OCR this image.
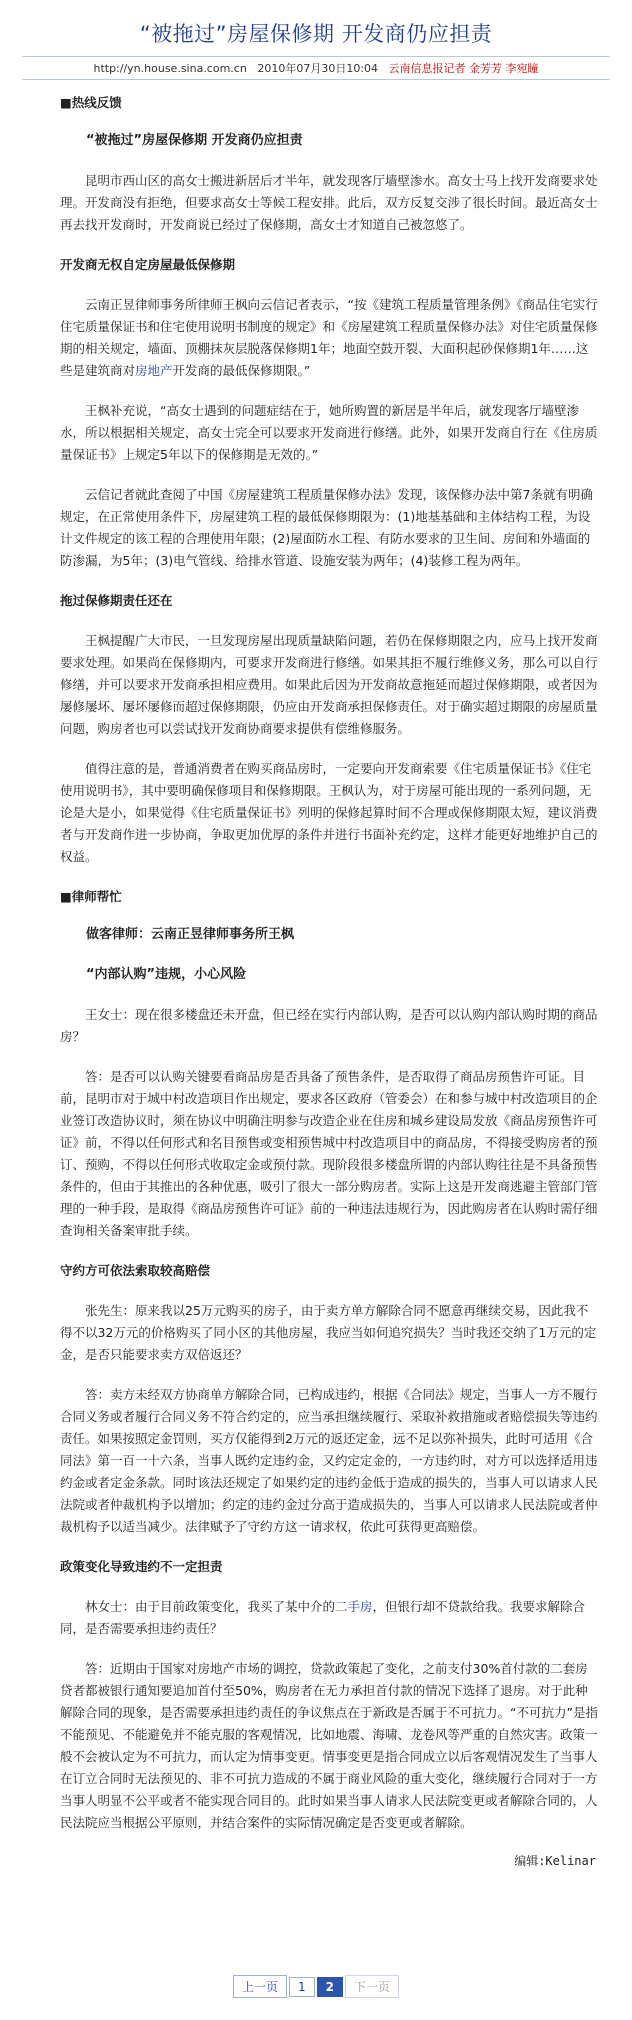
“被拖过”房屋保修期 开发商仍应担责
http://yn.house.sina.com.cn 2010年07月30日10:04 云南信息报记者 金芳芳 李宛瞳

■热线反馈

“被拖过”房屋保修期 开发商仍应担责

昆明市西山区的高女士搬进新居后才半年，就发现客厅墙壁渗水。高女士马上找开发商要求处理。开发商没有拒绝，但要求高女士等候工程安排。此后，双方反复交涉了很长时间。最近高女士再去找开发商时，开发商说已经过了保修期，高女士才知道自己被忽悠了。

开发商无权自定房屋最低保修期

云南正昱律师事务所律师王枫向云信记者表示，“按《建筑工程质量管理条例》《商品住宅实行住宅质量保证书和住宅使用说明书制度的规定》和《房屋建筑工程质量保修办法》对住宅质量保修期的相关规定，墙面、顶棚抹灰层脱落保修期1年；地面空鼓开裂、大面积起砂保修期1年……这些是建筑商对房地产开发商的最低保修期限。”

王枫补充说，“高女士遇到的问题症结在于，她所购置的新居是半年后，就发现客厅墙壁渗水，所以根据相关规定，高女士完全可以要求开发商进行修缮。此外，如果开发商自行在《住房质量保证书》上规定5年以下的保修期是无效的。”

云信记者就此查阅了中国《房屋建筑工程质量保修办法》发现，该保修办法中第7条就有明确规定，在正常使用条件下，房屋建筑工程的最低保修期限为：(1)地基基础和主体结构工程，为设计文件规定的该工程的合理使用年限；(2)屋面防水工程、有防水要求的卫生间、房间和外墙面的防渗漏，为5年；(3)电气管线、给排水管道、设施安装为两年；(4)装修工程为两年。

拖过保修期责任还在

王枫提醒广大市民，一旦发现房屋出现质量缺陷问题，若仍在保修期限之内，应马上找开发商要求处理。如果尚在保修期内，可要求开发商进行修缮。如果其拒不履行维修义务，那么可以自行修缮，并可以要求开发商承担相应费用。如果此后因为开发商故意拖延而超过保修期限，或者因为屡修屡坏、屡坏屡修而超过保修期限，仍应由开发商承担保修责任。对于确实超过期限的房屋质量问题，购房者也可以尝试找开发商协商要求提供有偿维修服务。

值得注意的是，普通消费者在购买商品房时，一定要向开发商索要《住宅质量保证书》《住宅使用说明书》，其中要明确保修项目和保修期限。王枫认为，对于房屋可能出现的一系列问题，无论是大是小，如果觉得《住宅质量保证书》列明的保修起算时间不合理或保修期限太短，建议消费者与开发商作进一步协商，争取更加优厚的条件并进行书面补充约定，这样才能更好地维护自己的权益。

■律师帮忙

做客律师：云南正昱律师事务所王枫

“内部认购”违规，小心风险

王女士：现在很多楼盘还未开盘，但已经在实行内部认购，是否可以认购内部认购时期的商品房？

答：是否可以认购关键要看商品房是否具备了预售条件，是否取得了商品房预售许可证。目前，昆明市对于城中村改造项目作出规定，要求各区政府（管委会）在和参与城中村改造项目的企业签订改造协议时，须在协议中明确注明参与改造企业在住房和城乡建设局发放《商品房预售许可证》前，不得以任何形式和名目预售或变相预售城中村改造项目中的商品房，不得接受购房者的预订、预购，不得以任何形式收取定金或预付款。现阶段很多楼盘所谓的内部认购往往是不具备预售条件的，但由于其推出的各种优惠，吸引了很大一部分购房者。实际上这是开发商逃避主管部门管理的一种手段，是取得《商品房预售许可证》前的一种违法违规行为，因此购房者在认购时需仔细查询相关备案审批手续。

守约方可依法索取较高赔偿

张先生：原来我以25万元购买的房子，由于卖方单方解除合同不愿意再继续交易，因此我不得不以32万元的价格购买了同小区的其他房屋，我应当如何追究损失？当时我还交纳了1万元的定金，是否只能要求卖方双倍返还？

答：卖方未经双方协商单方解除合同，已构成违约，根据《合同法》规定，当事人一方不履行合同义务或者履行合同义务不符合约定的，应当承担继续履行、采取补救措施或者赔偿损失等违约责任。如果按照定金罚则，买方仅能得到2万元的返还定金，远不足以弥补损失，此时可适用《合同法》第一百一十六条，当事人既约定违约金，又约定定金的，一方违约时，对方可以选择适用违约金或者定金条款。同时该法还规定了如果约定的违约金低于造成的损失的，当事人可以请求人民法院或者仲裁机构予以增加；约定的违约金过分高于造成损失的，当事人可以请求人民法院或者仲裁机构予以适当减少。法律赋予了守约方这一请求权，依此可获得更高赔偿。

政策变化导致违约不一定担责

林女士：由于目前政策变化，我买了某中介的二手房，但银行却不贷款给我。我要求解除合同，是否需要承担违约责任？

答：近期由于国家对房地产市场的调控，贷款政策起了变化，之前支付30%首付款的二套房贷者都被银行通知要追加首付至50%，购房者在无力承担首付款的情况下选择了退房。对于此种解除合同的现象，是否需要承担违约责任的争议焦点在于新政是否属于不可抗力。“不可抗力”是指不能预见、不能避免并不能克服的客观情况，比如地震、海啸、龙卷风等严重的自然灾害。政策一般不会被认定为不可抗力，而认定为情事变更。情事变更是指合同成立以后客观情况发生了当事人在订立合同时无法预见的、非不可抗力造成的不属于商业风险的重大变化，继续履行合同对于一方当事人明显不公平或者不能实现合同目的。此时如果当事人请求人民法院变更或者解除合同的，人民法院应当根据公平原则，并结合案件的实际情况确定是否变更或者解除。

编辑:Kelinar
上一页 1 2 下一页
